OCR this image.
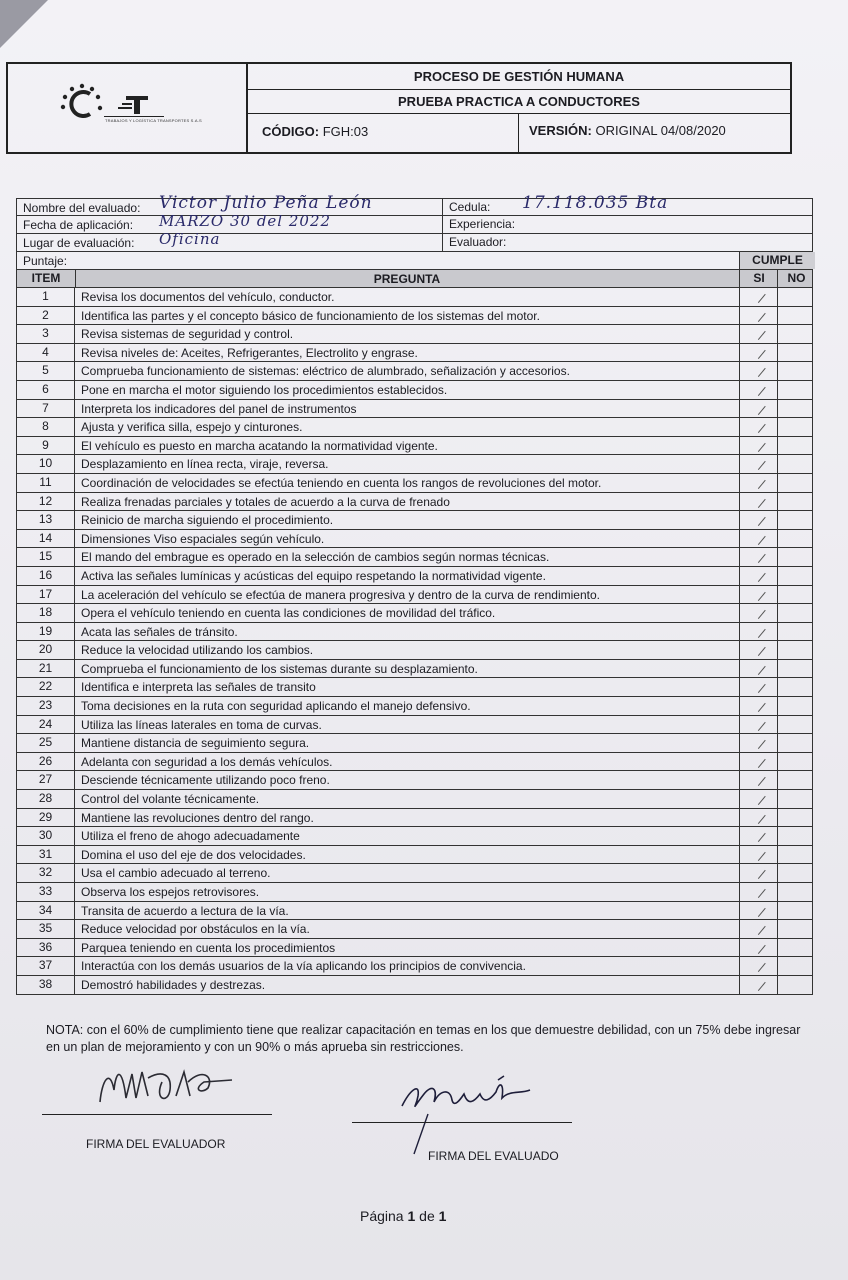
TRABAJOS Y LOGÍSTICA TRANSPORTES S.A.S
PROCESO DE GESTIÓN HUMANA
PRUEBA PRACTICA A CONDUCTORES
CÓDIGO: FGH:03	VERSIÓN: ORIGINAL 04/08/2020
Nombre del evaluado: Victor Julio Peña León	Cedula: 17.118.035 Bta
Fecha de aplicación: MARZO 30 del 2022	Experiencia:
Lugar de evaluación: Oficina	Evaluador:
Puntaje:	CUMPLE
ITEM	PREGUNTA	SI	NO
1	Revisa los documentos del vehículo, conductor.
2	Identifica las partes y el concepto básico de funcionamiento de los sistemas del motor.
3	Revisa sistemas de seguridad y control.
4	Revisa niveles de: Aceites, Refrigerantes, Electrolito y engrase.
5	Comprueba funcionamiento de sistemas: eléctrico de alumbrado, señalización y accesorios.
6	Pone en marcha el motor siguiendo los procedimientos establecidos.
7	Interpreta los indicadores del panel de instrumentos
8	Ajusta y verifica silla, espejo y cinturones.
9	El vehículo es puesto en marcha acatando la normatividad vigente.
10	Desplazamiento en línea recta, viraje, reversa.
11	Coordinación de velocidades se efectúa teniendo en cuenta los rangos de revoluciones del motor.
12	Realiza frenadas parciales y totales de acuerdo a la curva de frenado
13	Reinicio de marcha siguiendo el procedimiento.
14	Dimensiones Viso espaciales según vehículo.
15	El mando del embrague es operado en la selección de cambios según normas técnicas.
16	Activa las señales lumínicas y acústicas del equipo respetando la normatividad vigente.
17	La aceleración del vehículo se efectúa de manera progresiva y dentro de la curva de rendimiento.
18	Opera el vehículo teniendo en cuenta las condiciones de movilidad del tráfico.
19	Acata las señales de tránsito.
20	Reduce la velocidad utilizando los cambios.
21	Comprueba el funcionamiento de los sistemas durante su desplazamiento.
22	Identifica e interpreta las señales de transito
23	Toma decisiones en la ruta con seguridad aplicando el manejo defensivo.
24	Utiliza las líneas laterales en toma de curvas.
25	Mantiene distancia de seguimiento segura.
26	Adelanta con seguridad a los demás vehículos.
27	Desciende técnicamente utilizando poco freno.
28	Control del volante técnicamente.
29	Mantiene las revoluciones dentro del rango.
30	Utiliza el freno de ahogo adecuadamente
31	Domina el uso del eje de dos velocidades.
32	Usa el cambio adecuado al terreno.
33	Observa los espejos retrovisores.
34	Transita de acuerdo a lectura de la vía.
35	Reduce velocidad por obstáculos en la vía.
36	Parquea teniendo en cuenta los procedimientos
37	Interactúa con los demás usuarios de la vía aplicando los principios de convivencia.
38	Demostró habilidades y destrezas.
NOTA: con el 60% de cumplimiento tiene que realizar capacitación en temas en los que demuestre debilidad, con un 75% debe ingresar en un plan de mejoramiento y con un 90% o más aprueba sin restricciones.
FIRMA DEL EVALUADOR
FIRMA DEL EVALUADO
Página 1 de 1
